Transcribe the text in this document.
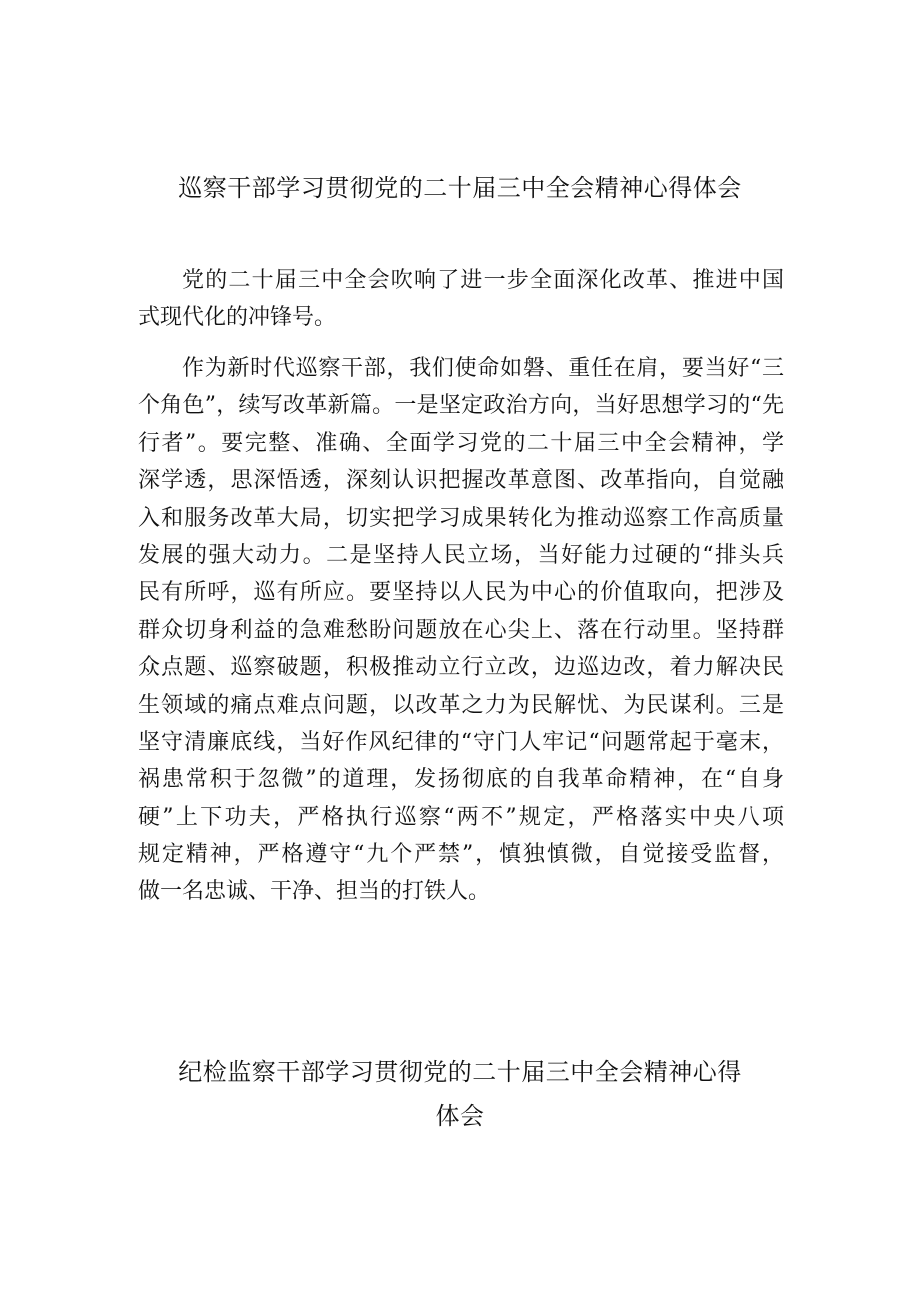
巡察干部学习贯彻党的二十届三中全会精神心得体会
党的二十届三中全会吹响了进一步全面深化改革、推进中国
式现代化的冲锋号。
作为新时代巡察干部，我们使命如磐、重任在肩，要当好“三
个角色”，续写改革新篇。一是坚定政治方向，当好思想学习的“先
行者”。要完整、准确、全面学习党的二十届三中全会精神，学
深学透，思深悟透，深刻认识把握改革意图、改革指向，自觉融
入和服务改革大局，切实把学习成果转化为推动巡察工作高质量
发展的强大动力。二是坚持人民立场，当好能力过硬的“排头兵
民有所呼，巡有所应。要坚持以人民为中心的价值取向，把涉及
群众切身利益的急难愁盼问题放在心尖上、落在行动里。坚持群
众点题、巡察破题，积极推动立行立改，边巡边改，着力解决民
生领域的痛点难点问题，以改革之力为民解忧、为民谋利。三是
坚守清廉底线，当好作风纪律的“守门人牢记“问题常起于毫末，
祸患常积于忽微”的道理，发扬彻底的自我革命精神，在“自身
硬”上下功夫，严格执行巡察“两不”规定，严格落实中央八项
规定精神，严格遵守“九个严禁”，慎独慎微，自觉接受监督，
做一名忠诚、干净、担当的打铁人。
纪检监察干部学习贯彻党的二十届三中全会精神心得
体会
